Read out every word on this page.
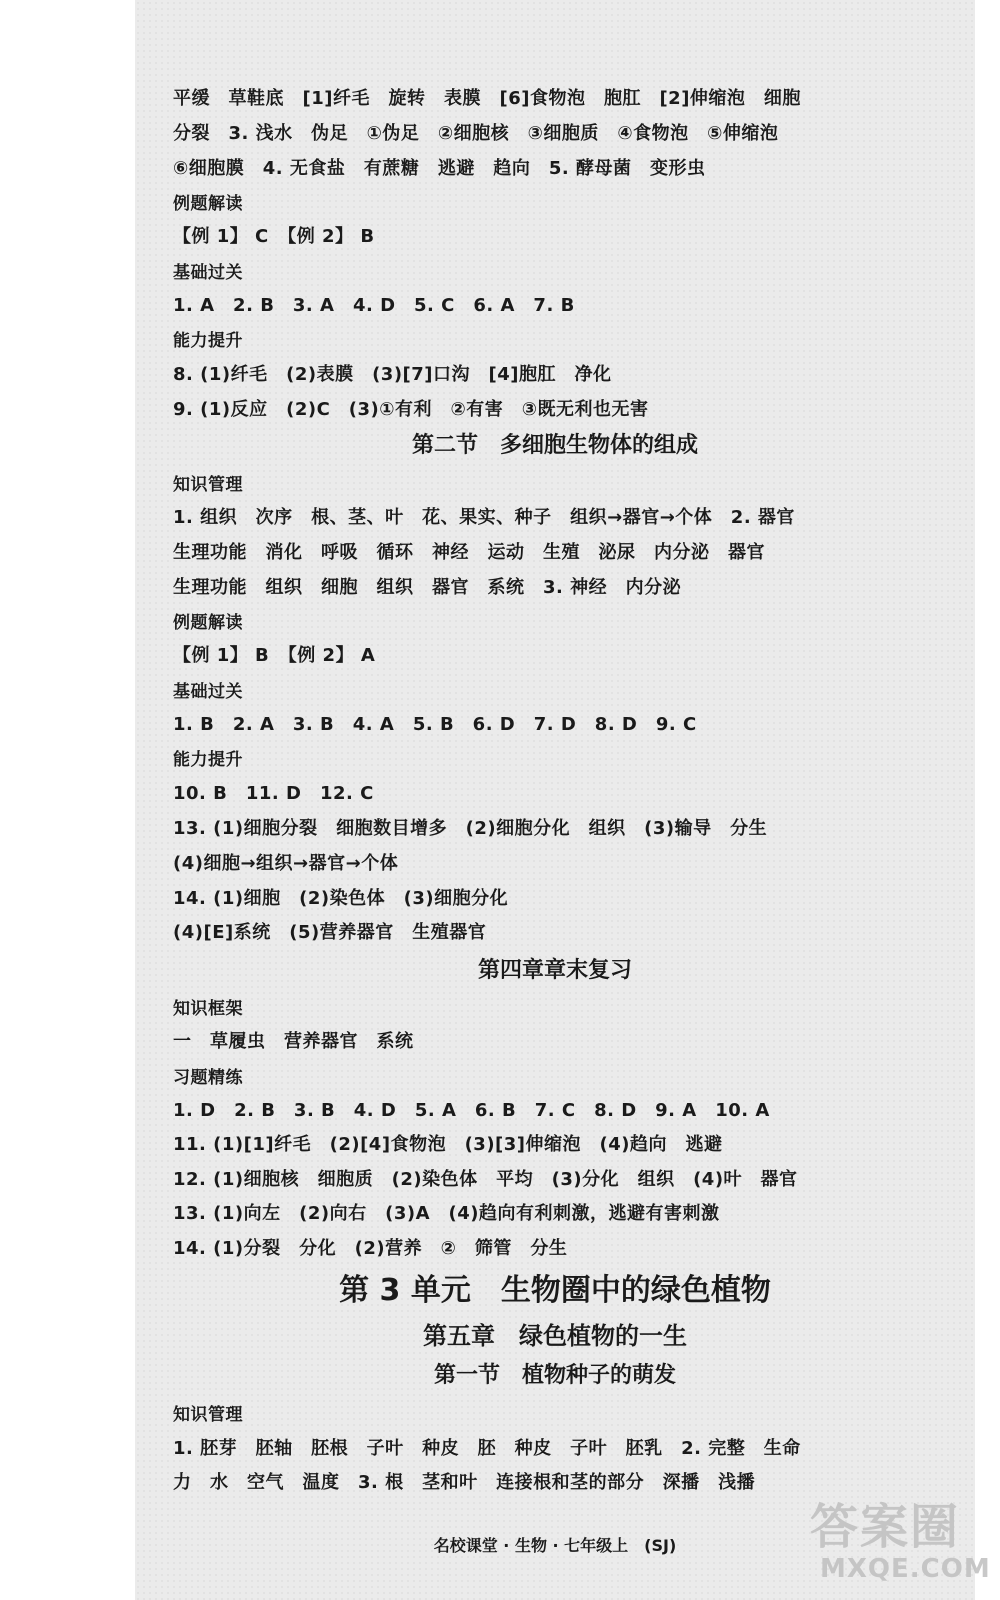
平缓　草鞋底　[1]纤毛　旋转　表膜　[6]食物泡　胞肛　[2]伸缩泡　细胞
分裂　3. 浅水　伪足　①伪足　②细胞核　③细胞质　④食物泡　⑤伸缩泡
⑥细胞膜　4. 无食盐　有蔗糖　逃避　趋向　5. 酵母菌　变形虫
例题解读
【例 1】 C　【例 2】 B
基础过关
1. A　2. B　3. A　4. D　5. C　6. A　7. B
能力提升
8. (1)纤毛　(2)表膜　(3)[7]口沟　[4]胞肛　净化
9. (1)反应　(2)C　(3)①有利　②有害　③既无利也无害
第二节　多细胞生物体的组成
知识管理
1. 组织　次序　根、茎、叶　花、果实、种子　组织→器官→个体　2. 器官
生理功能　消化　呼吸　循环　神经　运动　生殖　泌尿　内分泌　器官
生理功能　组织　细胞　组织　器官　系统　3. 神经　内分泌
例题解读
【例 1】 B　【例 2】 A
基础过关
1. B　2. A　3. B　4. A　5. B　6. D　7. D　8. D　9. C
能力提升
10. B　11. D　12. C
13. (1)细胞分裂　细胞数目增多　(2)细胞分化　组织　(3)输导　分生
(4)细胞→组织→器官→个体
14. (1)细胞　(2)染色体　(3)细胞分化
(4)[E]系统　(5)营养器官　生殖器官
第四章章末复习
知识框架
一　草履虫　营养器官　系统
习题精练
1. D　2. B　3. B　4. D　5. A　6. B　7. C　8. D　9. A　10. A
11. (1)[1]纤毛　(2)[4]食物泡　(3)[3]伸缩泡　(4)趋向　逃避
12. (1)细胞核　细胞质　(2)染色体　平均　(3)分化　组织　(4)叶　器官
13. (1)向左　(2)向右　(3)A　(4)趋向有利刺激，逃避有害刺激
14. (1)分裂　分化　(2)营养　②　筛管　分生
第 3 单元　生物圈中的绿色植物
第五章　绿色植物的一生
第一节　植物种子的萌发
知识管理
1. 胚芽　胚轴　胚根　子叶　种皮　胚　种皮　子叶　胚乳　2. 完整　生命
力　水　空气　温度　3. 根　茎和叶　连接根和茎的部分　深播　浅播
名校课堂 · 生物 · 七年级上　(SJ)	答案圈
MXQE.COM
